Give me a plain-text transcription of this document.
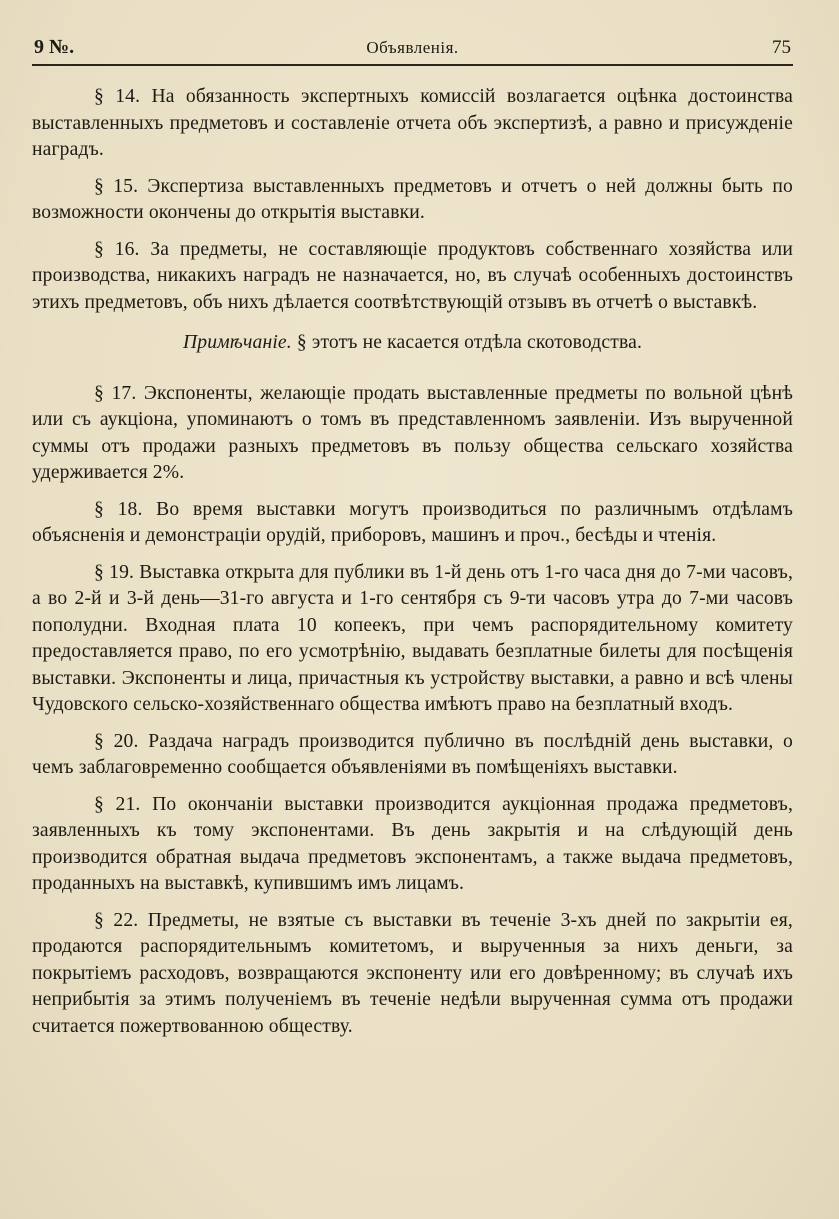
9 №.	Объявленія.	75

§ 14. На обязанность экспертныхъ комиссій возлагается оцѣнка достоинства выставленныхъ предметовъ и составленіе отчета объ экспертизѣ, а равно и присужденіе наградъ.

§ 15. Экспертиза выставленныхъ предметовъ и отчетъ о ней должны быть по возможности окончены до открытія выставки.

§ 16. За предметы, не составляющіе продуктовъ собственнаго хозяйства или производства, никакихъ наградъ не назначается, но, въ случаѣ особенныхъ достоинствъ этихъ предметовъ, объ нихъ дѣлается соотвѣтствующій отзывъ въ отчетѣ о выставкѣ.

Примѣчаніе. § этотъ не касается отдѣла скотоводства.

§ 17. Экспоненты, желающіе продать выставленные предметы по вольной цѣнѣ или съ аукціона, упоминаютъ о томъ въ представленномъ заявленіи. Изъ вырученной суммы отъ продажи разныхъ предметовъ въ пользу общества сельскаго хозяйства удерживается 2%.

§ 18. Во время выставки могутъ производиться по различнымъ отдѣламъ объясненія и демонстраціи орудій, приборовъ, машинъ и проч., бесѣды и чтенія.

§ 19. Выставка открыта для публики въ 1-й день отъ 1-го часа дня до 7-ми часовъ, а во 2-й и 3-й день—31-го августа и 1-го сентября съ 9-ти часовъ утра до 7-ми часовъ пополудни. Входная плата 10 копеекъ, при чемъ распорядительному комитету предоставляется право, по его усмотрѣнію, выдавать безплатные билеты для посѣщенія выставки. Экспоненты и лица, причастныя къ устройству выставки, а равно и всѣ члены Чудовского сельско-хозяйственнаго общества имѣютъ право на безплатный входъ.

§ 20. Раздача наградъ производится публично въ послѣдній день выставки, о чемъ заблаговременно сообщается объявленіями въ помѣщеніяхъ выставки.

§ 21. По окончаніи выставки производится аукціонная продажа предметовъ, заявленныхъ къ тому экспонентами. Въ день закрытія и на слѣдующій день производится обратная выдача предметовъ экспонентамъ, а также выдача предметовъ, проданныхъ на выставкѣ, купившимъ имъ лицамъ.

§ 22. Предметы, не взятые съ выставки въ теченіе 3-хъ дней по закрытіи ея, продаются распорядительнымъ комитетомъ, и вырученныя за нихъ деньги, за покрытіемъ расходовъ, возвращаются экспоненту или его довѣренному; въ случаѣ ихъ неприбытія за этимъ полученіемъ въ теченіе недѣли вырученная сумма отъ продажи считается пожертвованною обществу.
